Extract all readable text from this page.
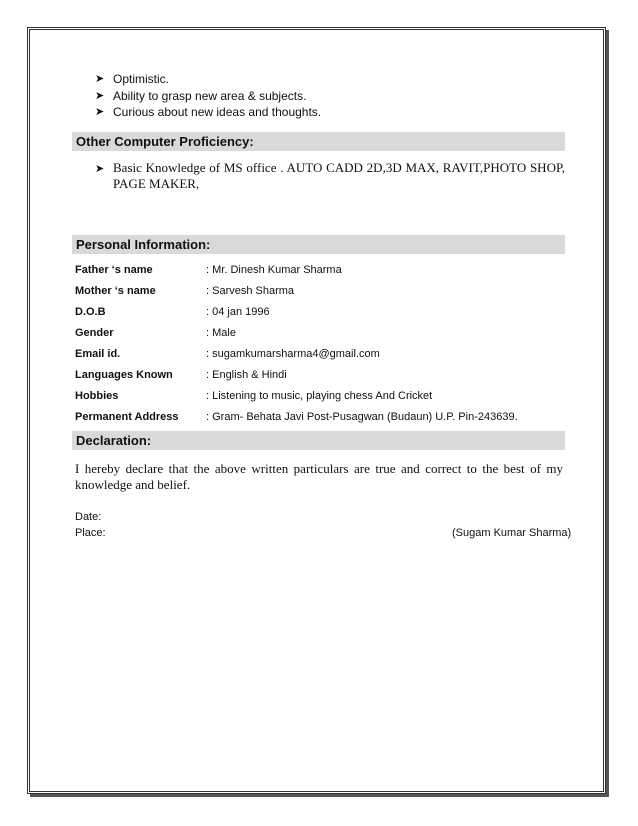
➤ Optimistic.
➤ Ability to grasp new area & subjects.
➤ Curious about new ideas and thoughts.
Other Computer Proficiency:
➤ Basic Knowledge of MS office . AUTO CADD 2D,3D MAX, RAVIT,PHOTO SHOP, PAGE MAKER,
Personal Information:
Father ‘s name	: Mr. Dinesh Kumar Sharma
Mother ‘s name	: Sarvesh Sharma
D.O.B	: 04 jan 1996
Gender	: Male
Email id.	: sugamkumarsharma4@gmail.com
Languages Known	: English & Hindi
Hobbies	: Listening to music, playing chess And Cricket
Permanent Address : Gram- Behata Javi Post-Pusagwan (Budaun) U.P. Pin-243639.
Declaration:
I hereby declare that the above written particulars are true and correct to the best of my knowledge and belief.
Date:
Place:	(Sugam Kumar Sharma)
